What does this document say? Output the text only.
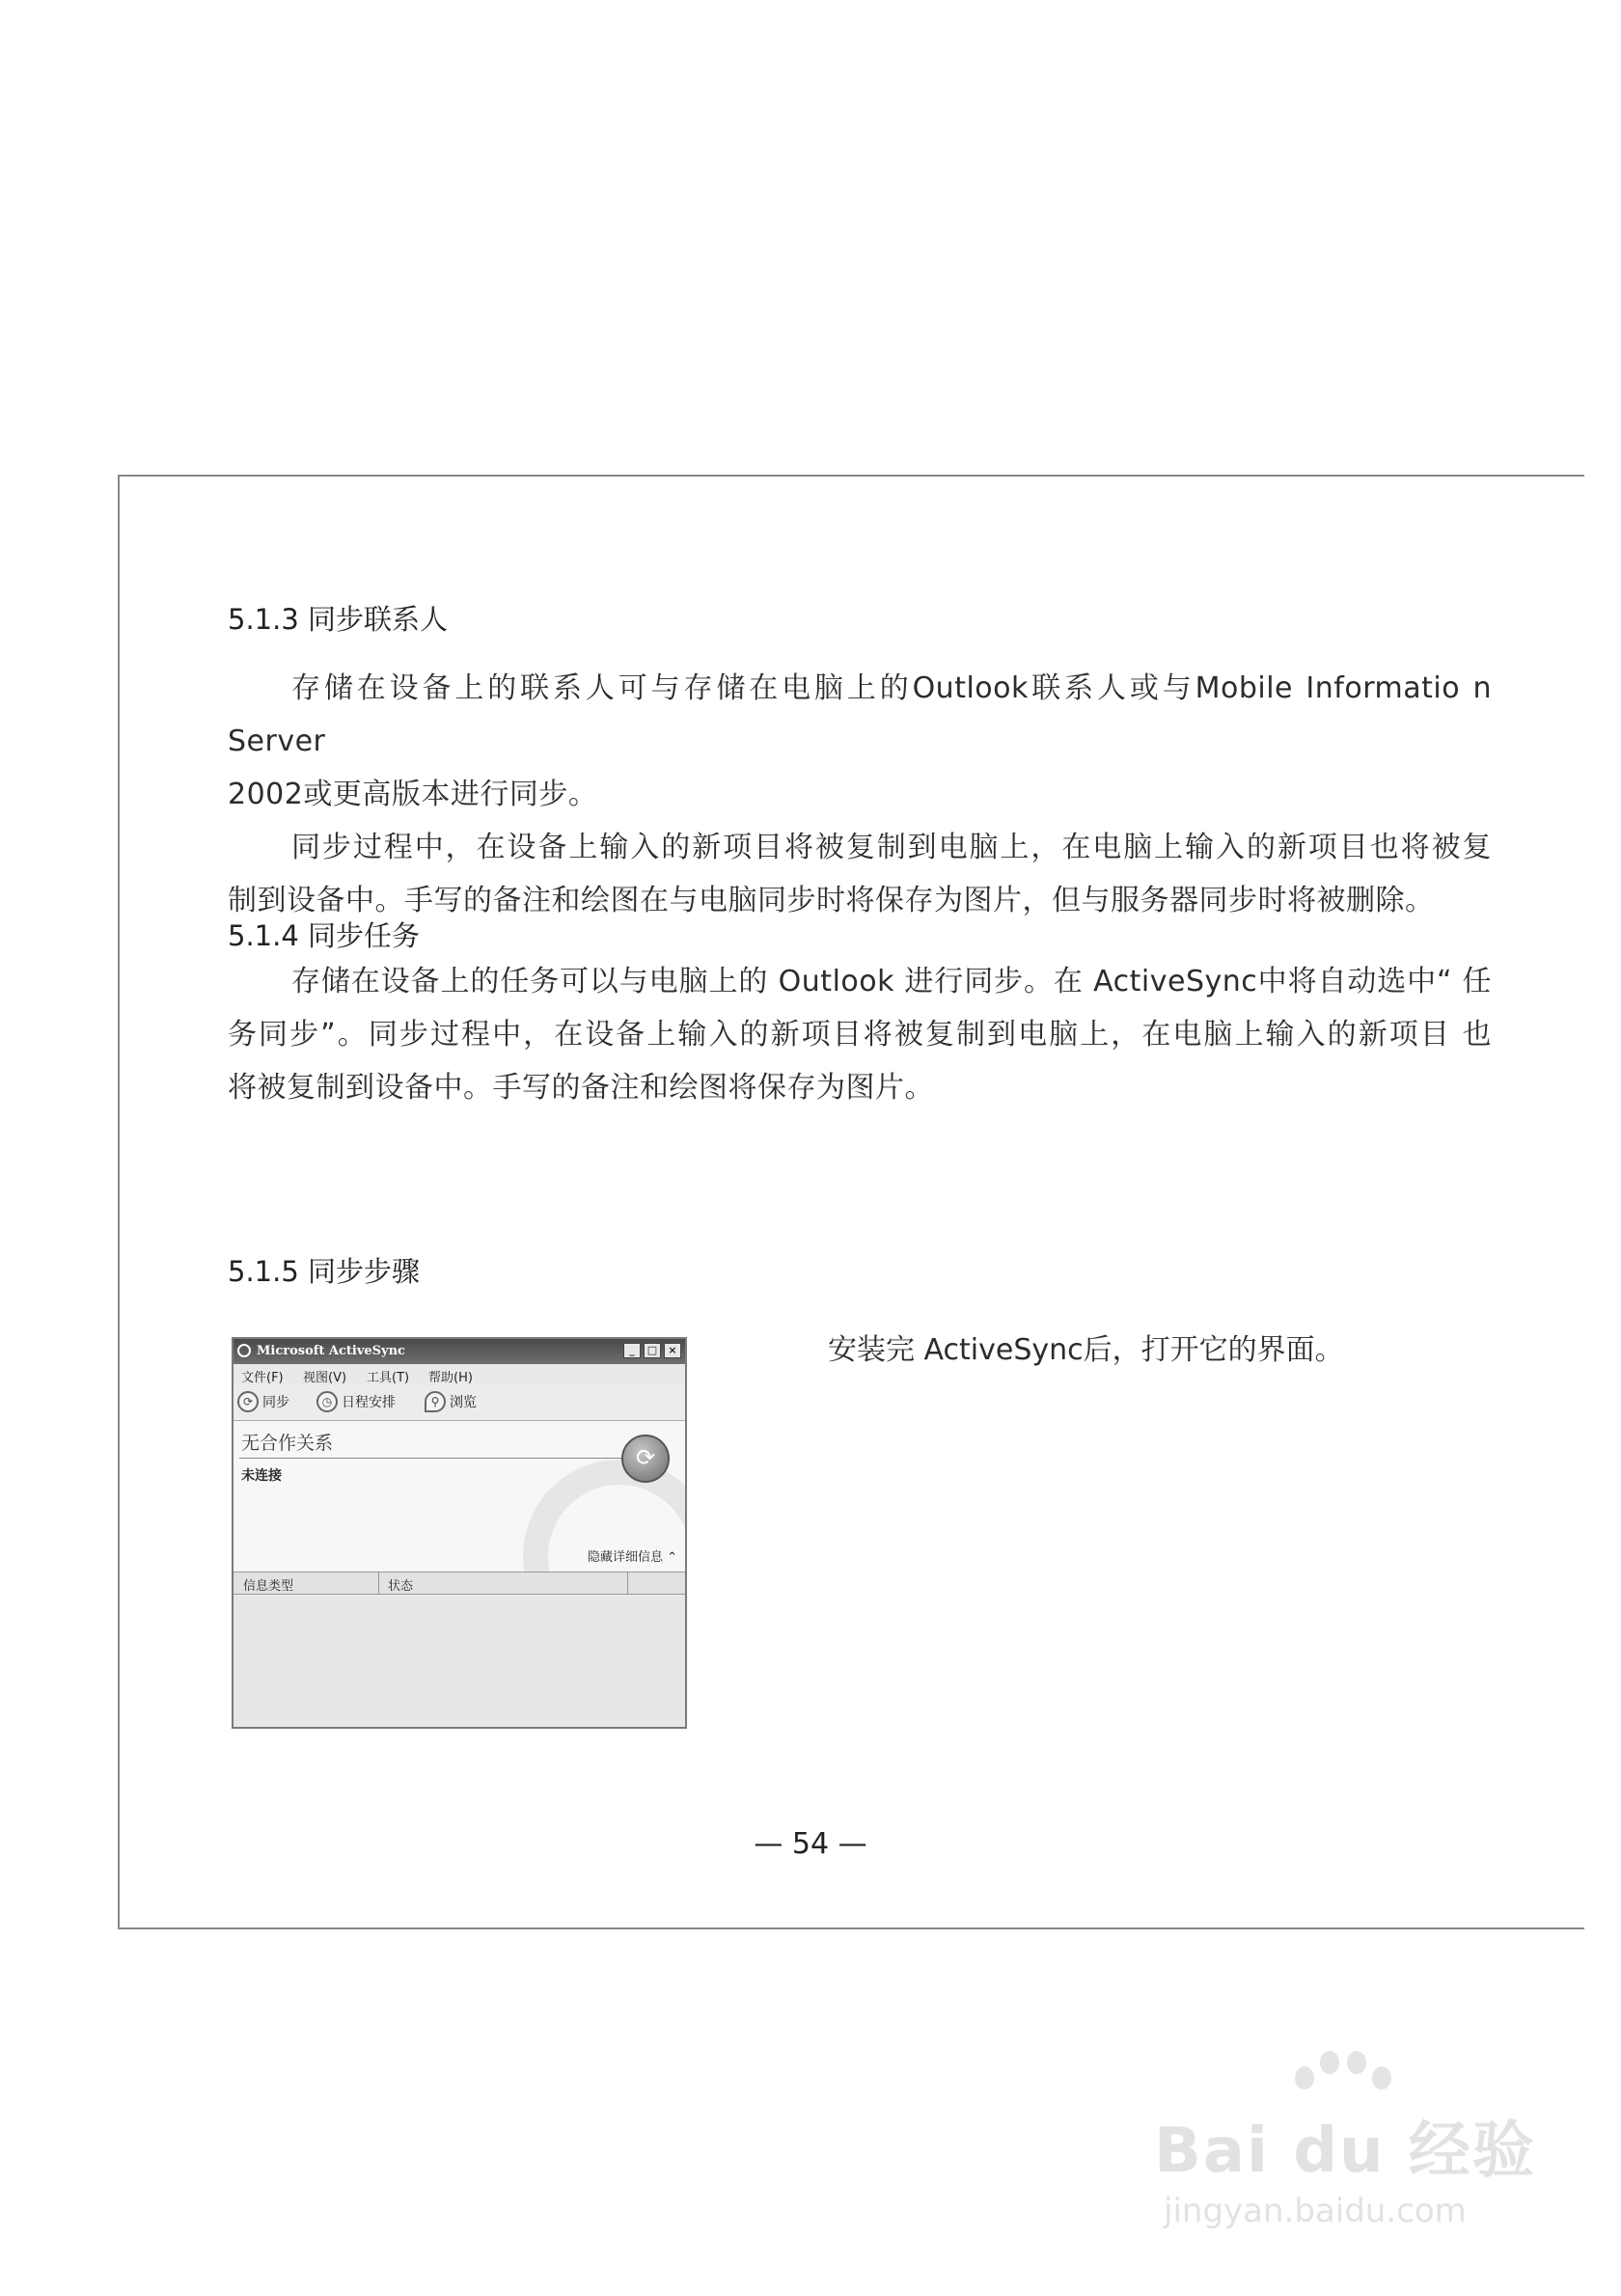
5.1.3 同步联系人

存储在设备上的联系人可与存储在电脑上的Outlook联系人或与Mobile Informatio n Server

2002或更高版本进行同步。

同步过程中，在设备上输入的新项目将被复制到电脑上，在电脑上输入的新项目也将被复

制到设备中。手写的备注和绘图在与电脑同步时将保存为图片，但与服务器同步时将被删除。

5.1.4 同步任务

存储在设备上的任务可以与电脑上的 Outlook 进行同步。在 ActiveSync中将自动选中“ 任

务同步”。同步过程中，在设备上输入的新项目将被复制到电脑上，在电脑上输入的新项目 也

将被复制到设备中。手写的备注和绘图将保存为图片。

5.1.5 同步步骤
安装完 ActiveSync后，打开它的界面。
Microsoft ActiveSync	_	□	×
文件(F) 视图(V) 工具(T) 帮助(H)
⟳ 同步	◷ 日程安排	⚲ 浏览
无合作关系
未连接
⟳
隐藏详细信息 ⌃
信息类型	状态
— 54 —
Bai du 经验
jingyan.baidu.com
